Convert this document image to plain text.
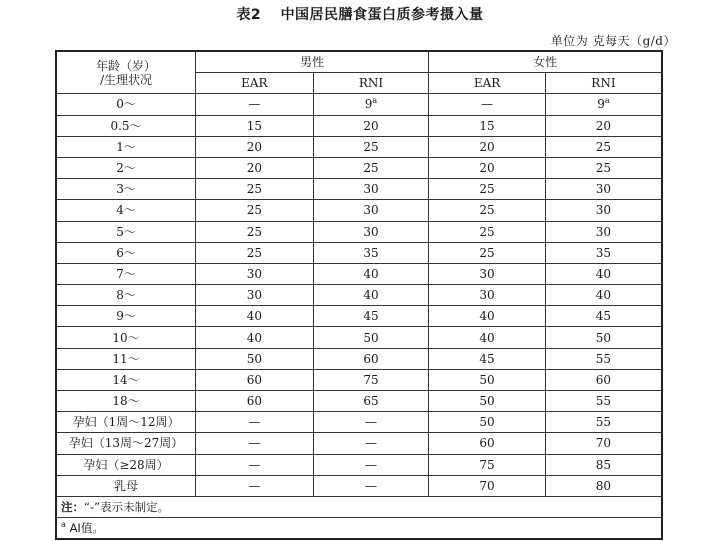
表2 中国居民膳食蛋白质参考摄入量
单位为 克每天（g/d）
年龄（岁）
/生理状况	男性		女性	
	EAR	RNI	EAR	RNI
0～	—	9$^a$	—	9$^a$
0.5～	15	20	15	20
1～	20	25	20	25
2～	20	25	20	25
3～	25	30	25	30
4～	25	30	25	30
5～	25	30	25	30
6～	25	35	25	35
7～	30	40	30	40
8～	30	40	30	40
9～	40	45	40	45
10～	40	50	40	50
11～	50	60	45	55
14～	60	75	50	60
18～	60	65	50	55
孕妇（1周～12周）	—	—	50	55
孕妇（13周～27周）	—	—	60	70
孕妇（≥28周）	—	—	75	85
乳母	—	—	70	80
注：“-”表示未制定。				
$^a$ AI值。				
